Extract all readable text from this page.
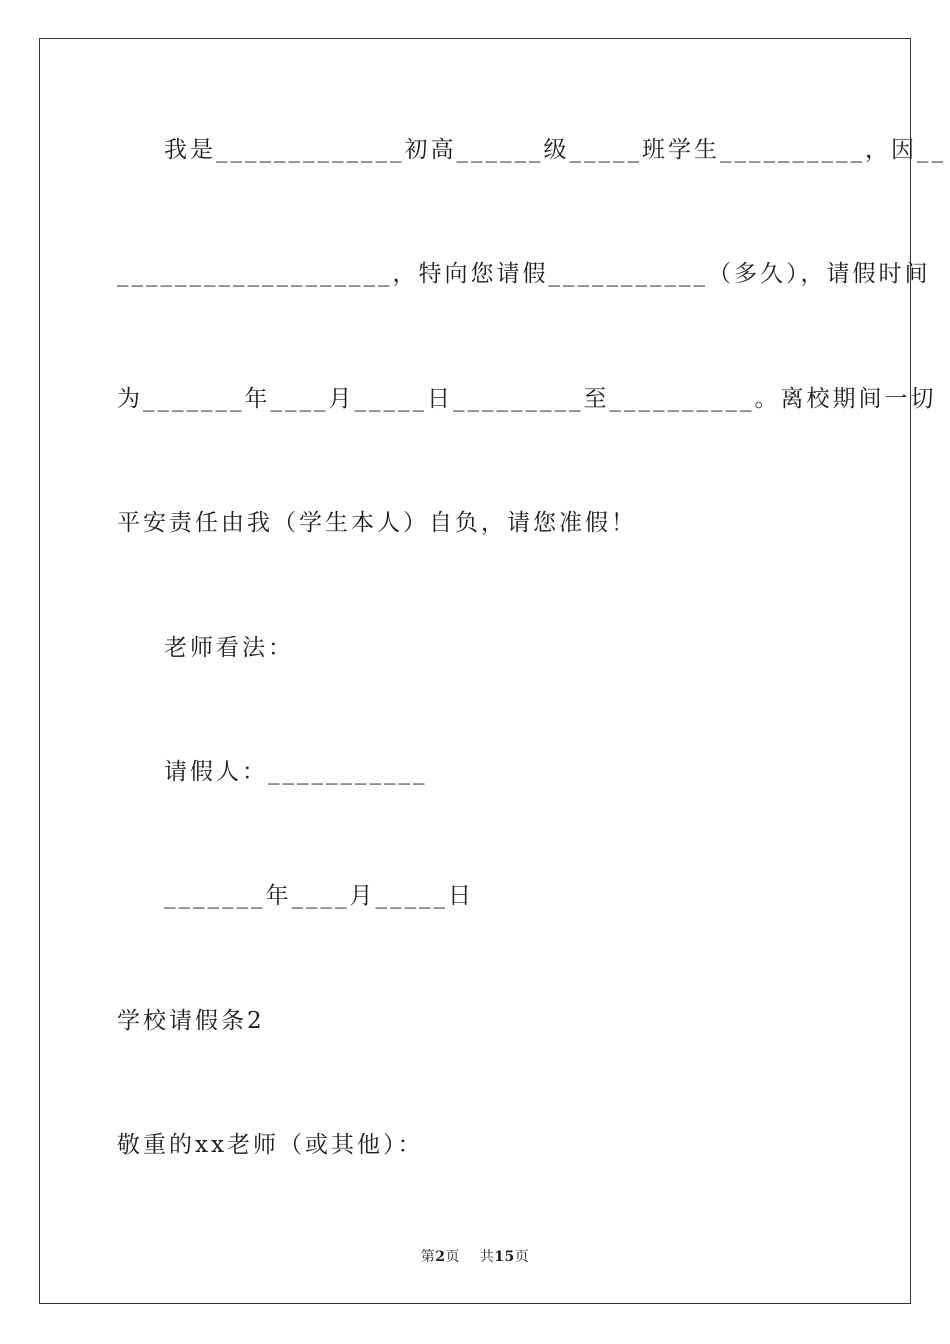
我是_____________初高______级_____班学生__________，因__
___________________，特向您请假___________（多久），请假时间
为_______年____月_____日_________至__________。离校期间一切
平安责任由我（学生本人）自负，请您准假！
老师看法：
请假人：___________
_______年____月_____日
学校请假条2
敬重的xx老师（或其他）：
第2页 共15页
